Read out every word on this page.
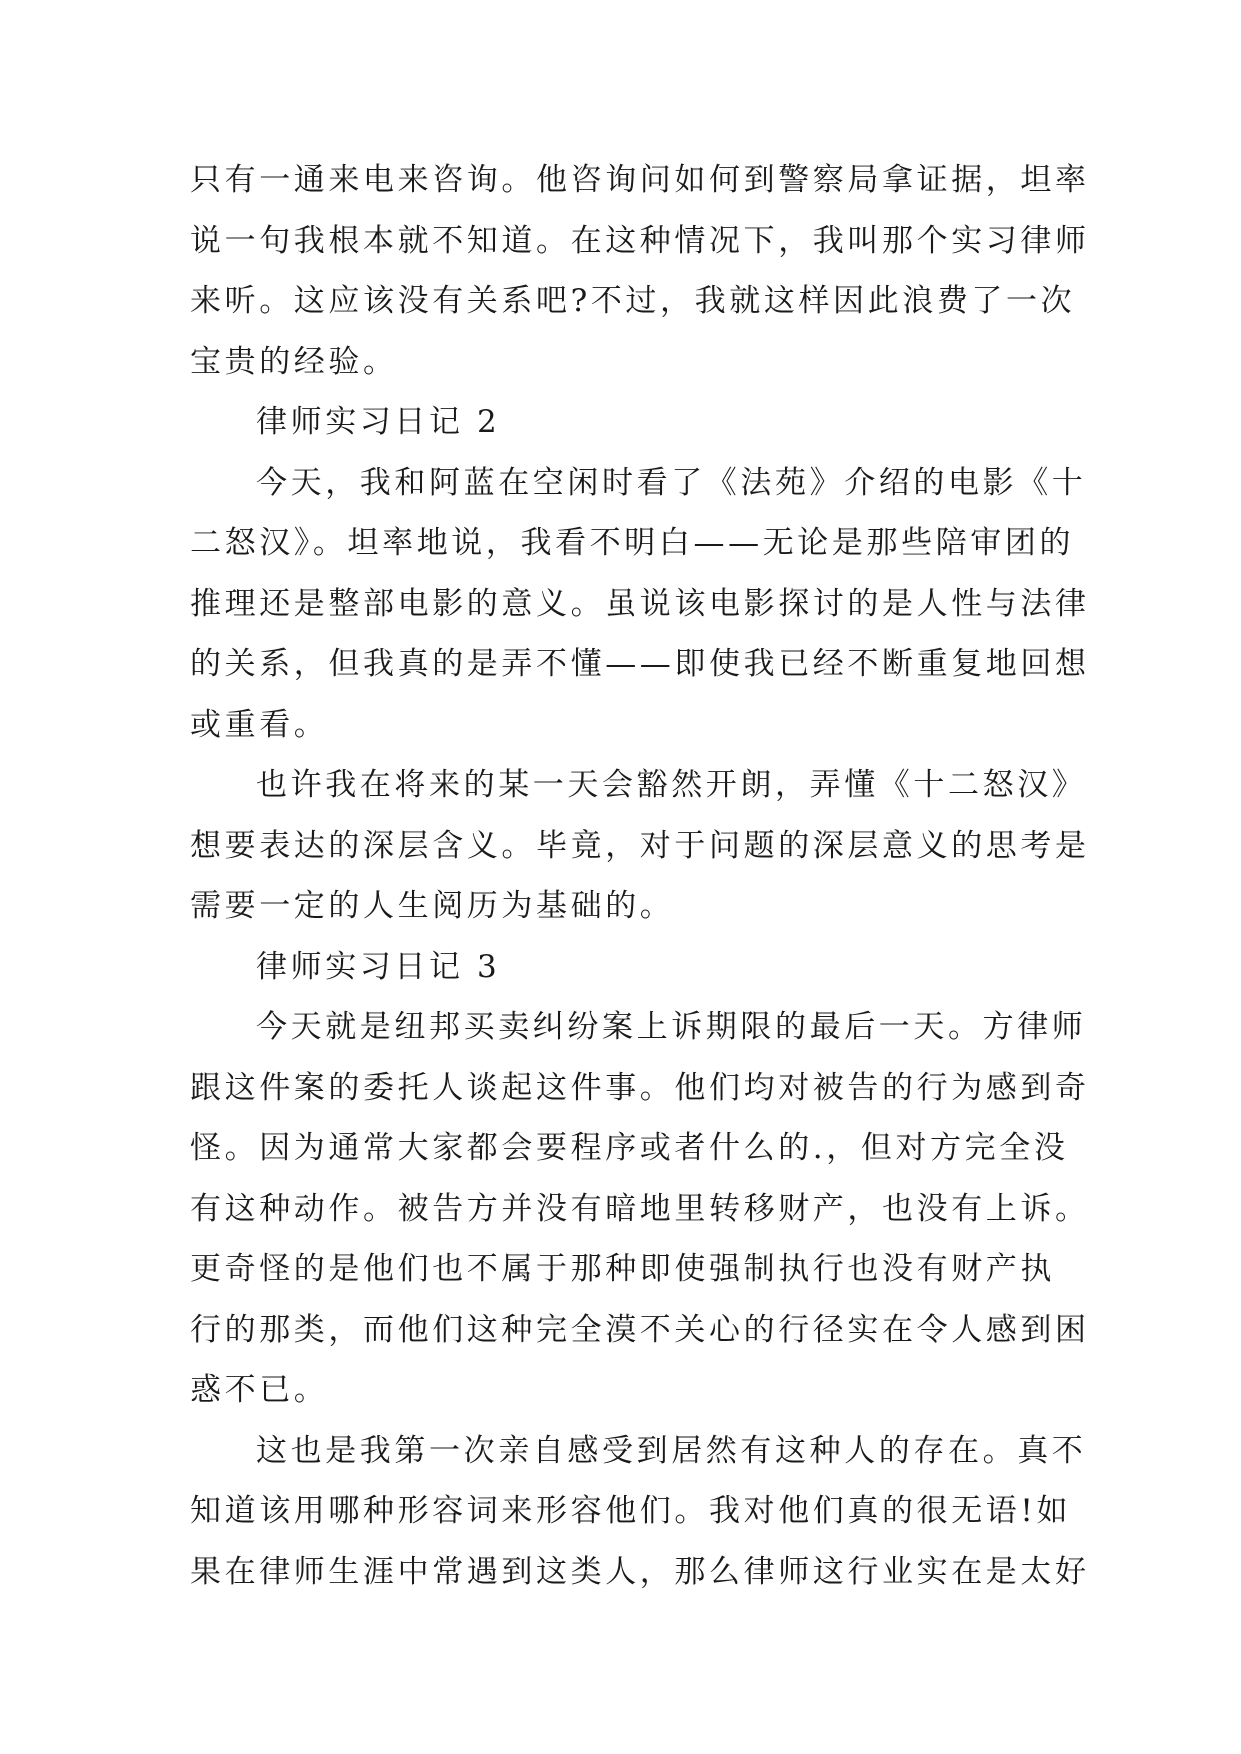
只有一通来电来咨询。他咨询问如何到警察局拿证据，坦率
说一句我根本就不知道。在这种情况下，我叫那个实习律师
来听。这应该没有关系吧?不过，我就这样因此浪费了一次
宝贵的经验。
律师实习日记 2
今天，我和阿蓝在空闲时看了《法苑》介绍的电影《十
二怒汉》。坦率地说，我看不明白——无论是那些陪审团的
推理还是整部电影的意义。虽说该电影探讨的是人性与法律
的关系，但我真的是弄不懂——即使我已经不断重复地回想
或重看。
也许我在将来的某一天会豁然开朗，弄懂《十二怒汉》
想要表达的深层含义。毕竟，对于问题的深层意义的思考是
需要一定的人生阅历为基础的。
律师实习日记 3
今天就是纽邦买卖纠纷案上诉期限的最后一天。方律师
跟这件案的委托人谈起这件事。他们均对被告的行为感到奇
怪。因为通常大家都会要程序或者什么的.，但对方完全没
有这种动作。被告方并没有暗地里转移财产，也没有上诉。
更奇怪的是他们也不属于那种即使强制执行也没有财产执
行的那类，而他们这种完全漠不关心的行径实在令人感到困
惑不已。
这也是我第一次亲自感受到居然有这种人的存在。真不
知道该用哪种形容词来形容他们。我对他们真的很无语!如
果在律师生涯中常遇到这类人，那么律师这行业实在是太好
